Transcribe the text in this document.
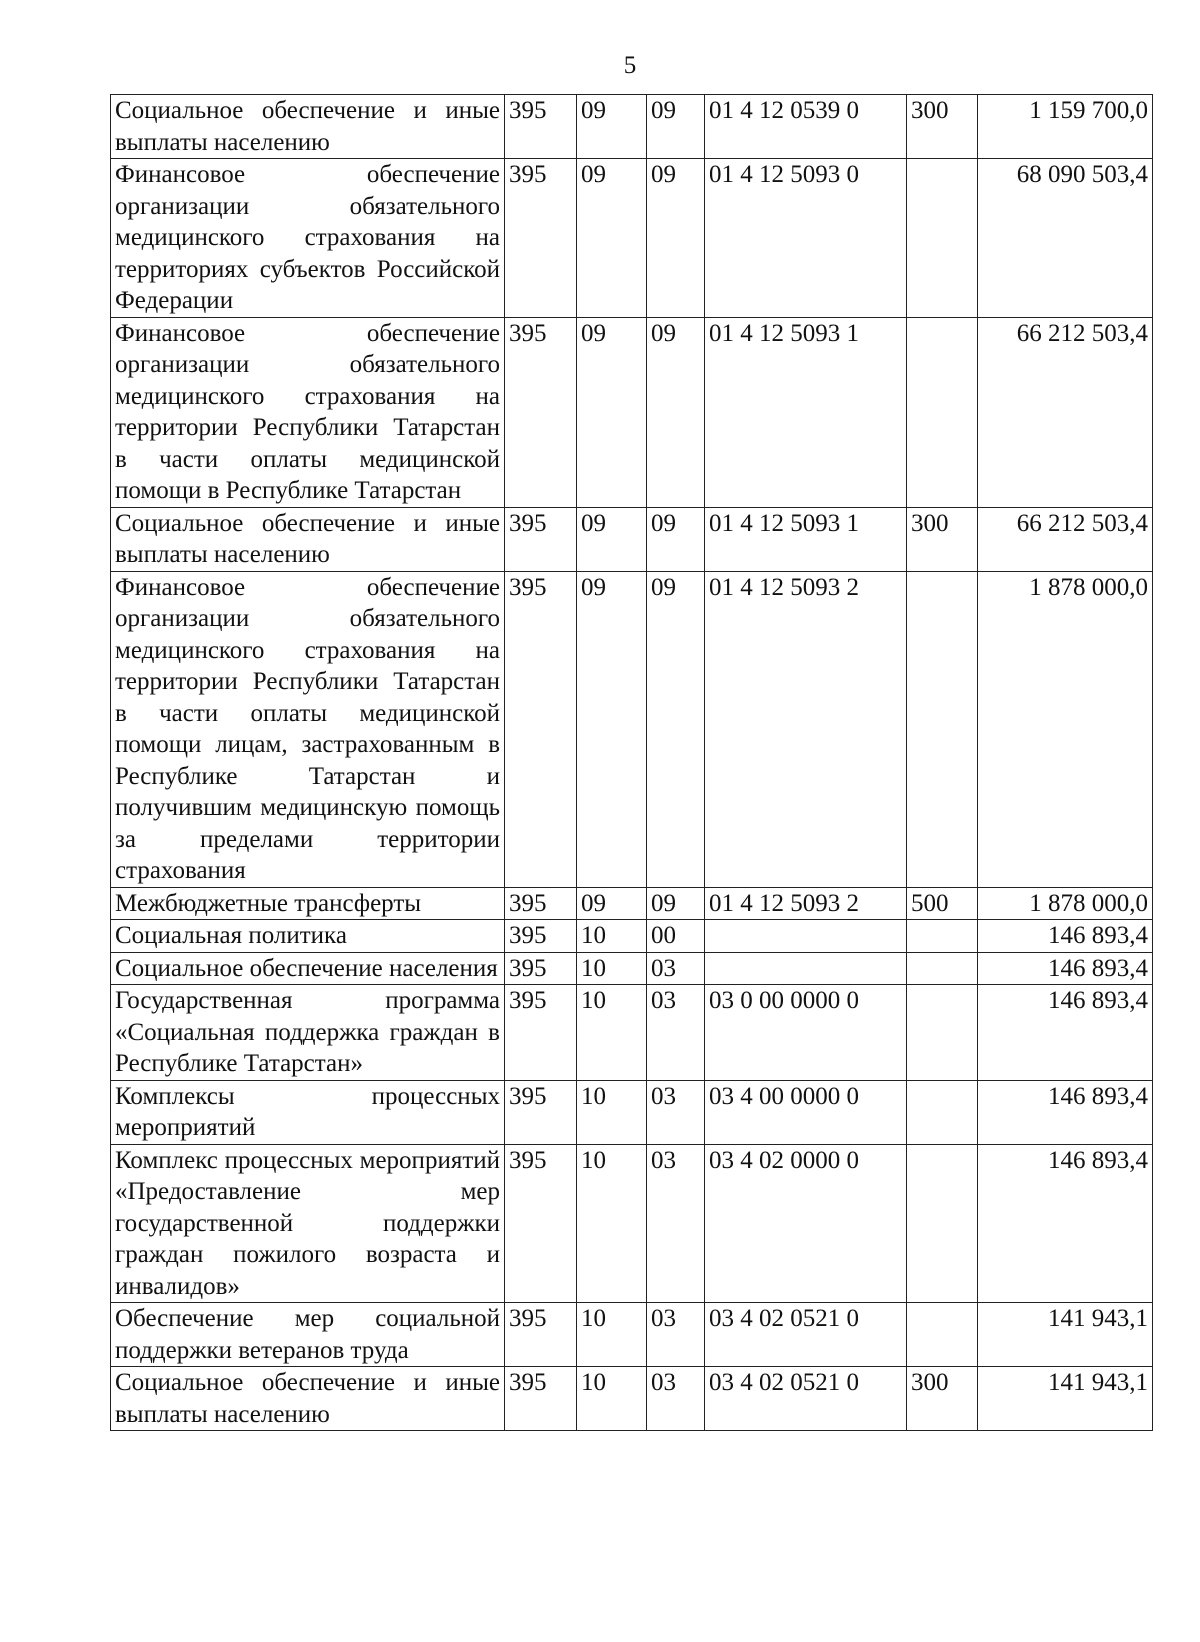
5
Социальное обеспечение и иные выплаты населению	395	09	09	01 4 12 0539 0	300	1 159 700,0
Финансовое обеспечение организации обязательного медицинского страхования на территориях субъектов Российской Федерации	395	09	09	01 4 12 5093 0		68 090 503,4
Финансовое обеспечение организации обязательного медицинского страхования на территории Республики Татарстан в части оплаты медицинской помощи в Республике Татарстан	395	09	09	01 4 12 5093 1		66 212 503,4
Социальное обеспечение и иные выплаты населению	395	09	09	01 4 12 5093 1	300	66 212 503,4
Финансовое обеспечение организации обязательного медицинского страхования на территории Республики Татарстан в части оплаты медицинской помощи лицам, застрахованным в Республике Татарстан и получившим медицинскую помощь за пределами территории страхования	395	09	09	01 4 12 5093 2		1 878 000,0
Межбюджетные трансферты	395	09	09	01 4 12 5093 2	500	1 878 000,0
Социальная политика	395	10	00			146 893,4
Социальное обеспечение населения	395	10	03			146 893,4
Государственная программа «Социальная поддержка граждан в Республике Татарстан»	395	10	03	03 0 00 0000 0		146 893,4
Комплексы процессных мероприятий	395	10	03	03 4 00 0000 0		146 893,4
Комплекс процессных мероприятий «Предоставление мер государственной поддержки граждан пожилого возраста и инвалидов»	395	10	03	03 4 02 0000 0		146 893,4
Обеспечение мер социальной поддержки ветеранов труда	395	10	03	03 4 02 0521 0		141 943,1
Социальное обеспечение и иные выплаты населению	395	10	03	03 4 02 0521 0	300	141 943,1
